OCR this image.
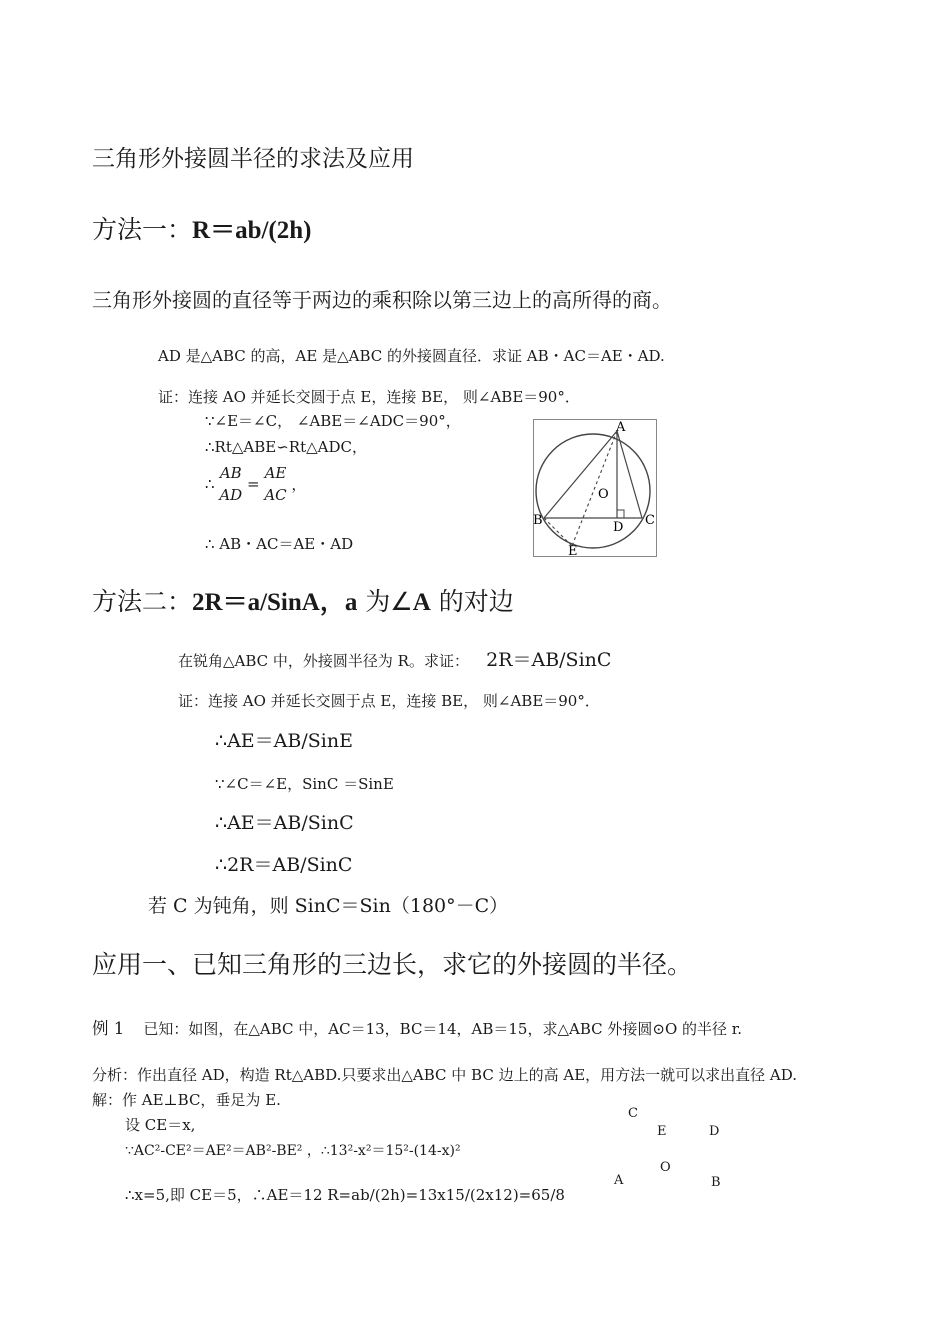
三角形外接圆半径的求法及应用
方法一：R＝ab/(2h)
三角形外接圆的直径等于两边的乘积除以第三边上的高所得的商。
AD 是△ABC 的高，AE 是△ABC 的外接圆直径．求证 AB・AC＝AE・AD.
证：连接 AO 并延长交圆于点 E，连接 BE， 则∠ABE＝90°．
∵∠E＝∠C， ∠ABE＝∠ADC＝90°，
∴Rt△ABE∽Rt△ADC，
∴
AB
AD
=
AE
AC
，
∴ AB・AC＝AE・AD
A
B	C
D
E
O
方法二：2R＝a/SinA，a 为∠A 的对边
在锐角△ABC 中，外接圆半径为 R。求证： 2R＝AB/SinC
证：连接 AO 并延长交圆于点 E，连接 BE， 则∠ABE＝90°．
∴AE＝AB/SinE
∵∠C＝∠E，SinC ＝SinE
∴AE＝AB/SinC
∴2R＝AB/SinC
若 C 为钝角，则 SinC＝Sin（180°－C）
应用一、已知三角形的三边长，求它的外接圆的半径。
例 1 已知：如图，在△ABC 中，AC＝13，BC＝14，AB＝15，求△ABC 外接圆⊙O 的半径 r.
分析：作出直径 AD，构造 Rt△ABD.只要求出△ABC 中 BC 边上的高 AE，用方法一就可以求出直径 AD.
解：作 AE⊥BC，垂足为 E.
设 CE＝x,
∵AC²-CE²＝AE²＝AB²-BE² ，∴13²-x²＝15²-(14-x)²
∴x=5,即 CE＝5，∴AE＝12 R=ab/(2h)=13x15/(2x12)=65/8
C
E	D
O
A	B
